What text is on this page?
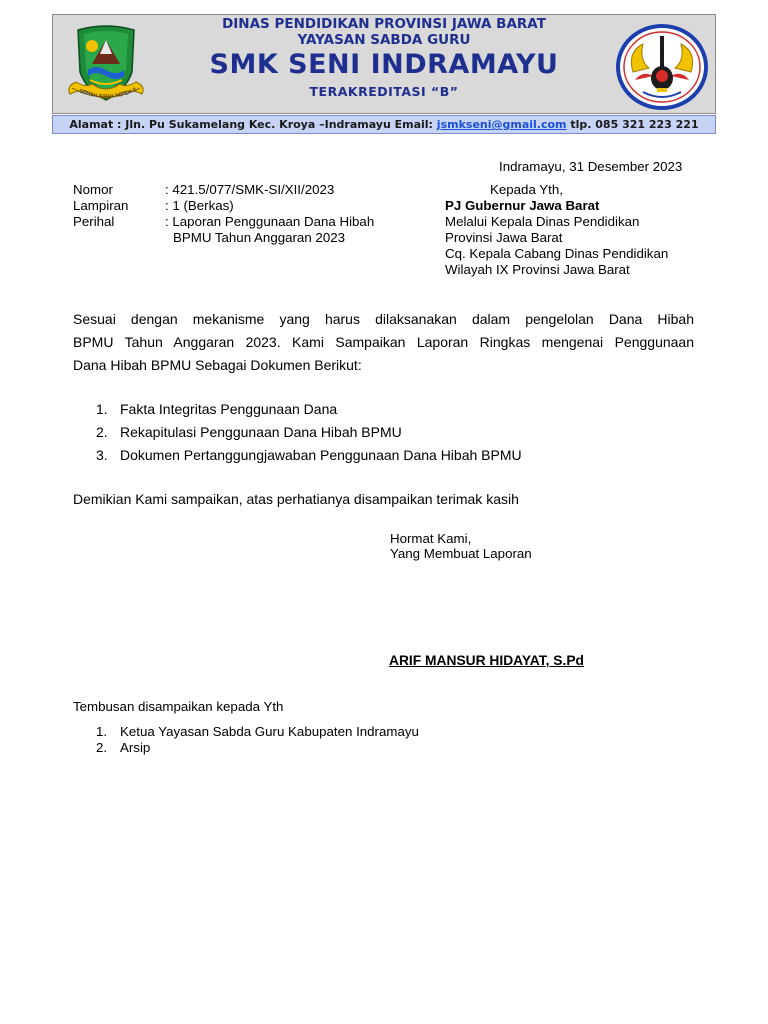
GEMAH RIPAH REPEH R
DINAS PENDIDIKAN PROVINSI JAWA BARAT
YAYASAN SABDA GURU
SMK SENI INDRAMAYU
TERAKREDITASI “B”
Alamat : Jln. Pu Sukamelang Kec. Kroya –Indramayu Email: jsmkseni@gmail.com tlp. 085 321 223 221
Indramayu, 31 Desember 2023
Nomor	: 421.5/077/SMK-SI/XII/2023
Lampiran	: 1 (Berkas)
Perihal	: Laporan Penggunaan Dana Hibah
BPMU Tahun Anggaran 2023
Kepada Yth,
PJ Gubernur Jawa Barat
Melalui Kepala Dinas Pendidikan
Provinsi Jawa Barat
Cq. Kepala Cabang Dinas Pendidikan
Wilayah IX Provinsi Jawa Barat
Sesuai dengan mekanisme yang harus dilaksanakan dalam pengelolan Dana Hibah
BPMU Tahun Anggaran 2023. Kami Sampaikan Laporan Ringkas mengenai Penggunaan
Dana Hibah BPMU Sebagai Dokumen Berikut:
1. Fakta Integritas Penggunaan Dana
2. Rekapitulasi Penggunaan Dana Hibah BPMU
3. Dokumen Pertanggungjawaban Penggunaan Dana Hibah BPMU
Demikian Kami sampaikan, atas perhatianya disampaikan terimak kasih
Hormat Kami,
Yang Membuat Laporan
ARIF MANSUR HIDAYAT, S.Pd
Tembusan disampaikan kepada Yth
1. Ketua Yayasan Sabda Guru Kabupaten Indramayu
2. Arsip
